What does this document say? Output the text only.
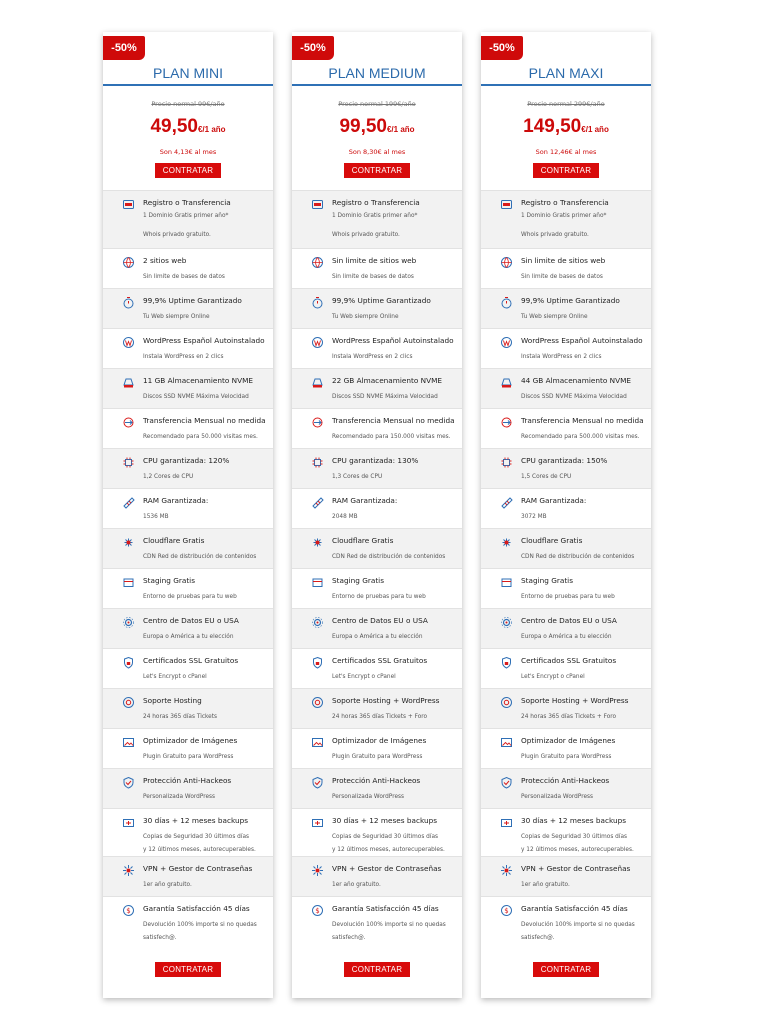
-50%
PLAN MINI
Precio normal 99€/año
49,50€/1 año
Son 4,13€ al mes
CONTRATAR
Registro o Transferencia
1 Dominio Gratis primer año*
Whois privado gratuito.
2 sitios web
Sin limite de bases de datos
99,9% Uptime Garantizado
Tu Web siempre Online
WordPress Español Autoinstalado
Instala WordPress en 2 clics
11 GB Almacenamiento NVME
Discos SSD NVME Máxima Velocidad
Transferencia Mensual no medida
Recomendado para 50.000 visitas mes.
CPU garantizada: 120%
1,2 Cores de CPU
RAM Garantizada:
1536 MB
Cloudflare Gratis
CDN Red de distribución de contenidos
Staging Gratis
Entorno de pruebas para tu web
Centro de Datos EU o USA
Europa o América a tu elección
Certificados SSL Gratuitos
Let's Encrypt o cPanel
Soporte Hosting
24 horas 365 días Tickets
Optimizador de Imágenes
Plugin Gratuito para WordPress
Protección Anti-Hackeos
Personalizada WordPress
30 días + 12 meses backups
Copias de Seguridad 30 últimos días
y 12 últimos meses, autorecuperables.
VPN + Gestor de Contraseñas
1er año gratuito.
$ Garantía Satisfacción 45 días
Devolución 100% importe si no quedas
satisfech@.
CONTRATAR
-50%
PLAN MEDIUM
Precio normal 199€/año
99,50€/1 año
Son 8,30€ al mes
CONTRATAR
Registro o Transferencia
1 Dominio Gratis primer año*
Whois privado gratuito.
Sin limite de sitios web
Sin limite de bases de datos
99,9% Uptime Garantizado
Tu Web siempre Online
WordPress Español Autoinstalado
Instala WordPress en 2 clics
22 GB Almacenamiento NVME
Discos SSD NVME Máxima Velocidad
Transferencia Mensual no medida
Recomendado para 150.000 visitas mes.
CPU garantizada: 130%
1,3 Cores de CPU
RAM Garantizada:
2048 MB
Cloudflare Gratis
CDN Red de distribución de contenidos
Staging Gratis
Entorno de pruebas para tu web
Centro de Datos EU o USA
Europa o América a tu elección
Certificados SSL Gratuitos
Let's Encrypt o cPanel
Soporte Hosting + WordPress
24 horas 365 días Tickets + Foro
Optimizador de Imágenes
Plugin Gratuito para WordPress
Protección Anti-Hackeos
Personalizada WordPress
30 días + 12 meses backups
Copias de Seguridad 30 últimos días
y 12 últimos meses, autorecuperables.
VPN + Gestor de Contraseñas
1er año gratuito.
$ Garantía Satisfacción 45 días
Devolución 100% importe si no quedas
satisfech@.
CONTRATAR
-50%
PLAN MAXI
Precio normal 299€/año
149,50€/1 año
Son 12,46€ al mes
CONTRATAR
Registro o Transferencia
1 Dominio Gratis primer año*
Whois privado gratuito.
Sin limite de sitios web
Sin limite de bases de datos
99,9% Uptime Garantizado
Tu Web siempre Online
WordPress Español Autoinstalado
Instala WordPress en 2 clics
44 GB Almacenamiento NVME
Discos SSD NVME Máxima Velocidad
Transferencia Mensual no medida
Recomendado para 500.000 visitas mes.
CPU garantizada: 150%
1,5 Cores de CPU
RAM Garantizada:
3072 MB
Cloudflare Gratis
CDN Red de distribución de contenidos
Staging Gratis
Entorno de pruebas para tu web
Centro de Datos EU o USA
Europa o América a tu elección
Certificados SSL Gratuitos
Let's Encrypt o cPanel
Soporte Hosting + WordPress
24 horas 365 días Tickets + Foro
Optimizador de Imágenes
Plugin Gratuito para WordPress
Protección Anti-Hackeos
Personalizada WordPress
30 días + 12 meses backups
Copias de Seguridad 30 últimos días
y 12 últimos meses, autorecuperables.
VPN + Gestor de Contraseñas
1er año gratuito.
$ Garantía Satisfacción 45 días
Devolución 100% importe si no quedas
satisfech@.
CONTRATAR
